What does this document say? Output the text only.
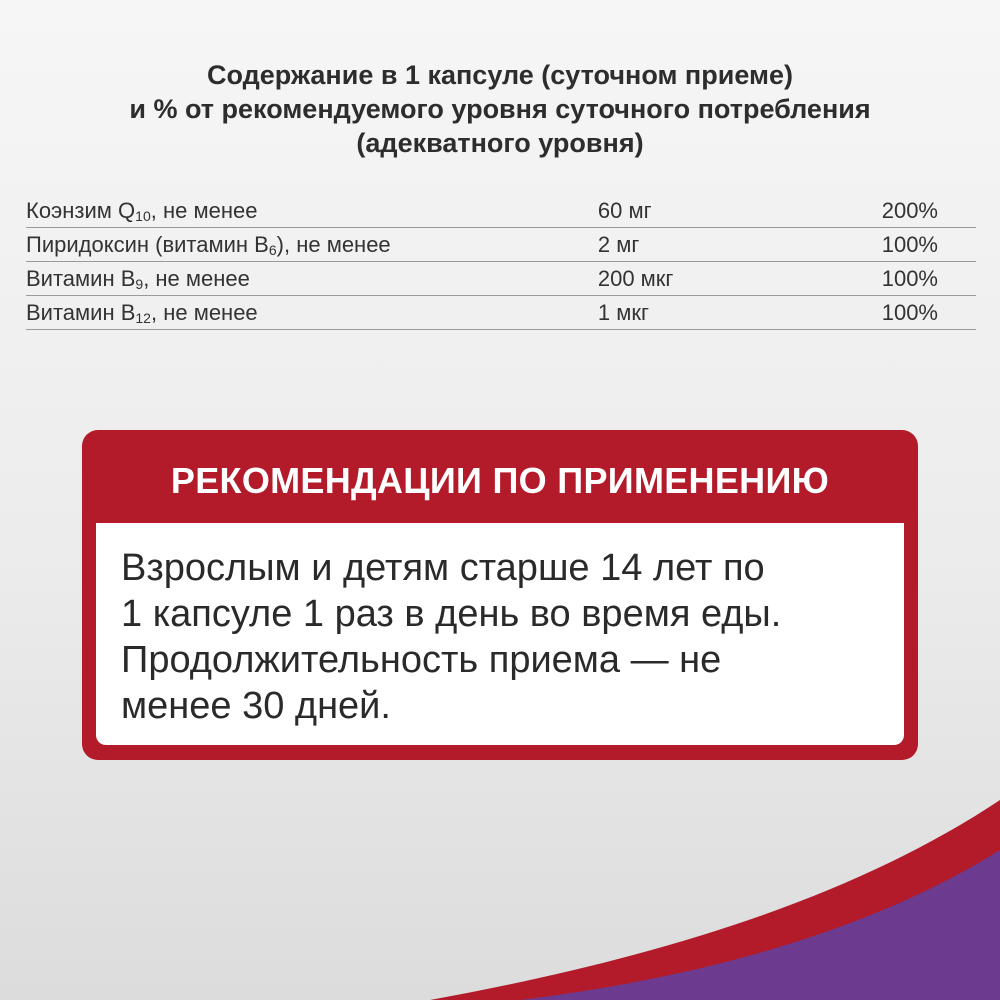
Содержание в 1 капсуле (суточном приеме)
и % от рекомендуемого уровня суточного потребления
(адекватного уровня)
Коэнзим $Q_{10}$, не менее	60 мг	200%
Пиридоксин (витамин $B_6$), не менее	2 мг	100%
Витамин $B_9$, не менее	200 мкг	100%
Витамин $B_{12}$, не менее	1 мкг	100%
РЕКОМЕНДАЦИИ ПО ПРИМЕНЕНИЮ
Взрослым и детям старше 14 лет по
1 капсуле 1 раз в день во время еды.
Продолжительность приема — не
менее 30 дней.
